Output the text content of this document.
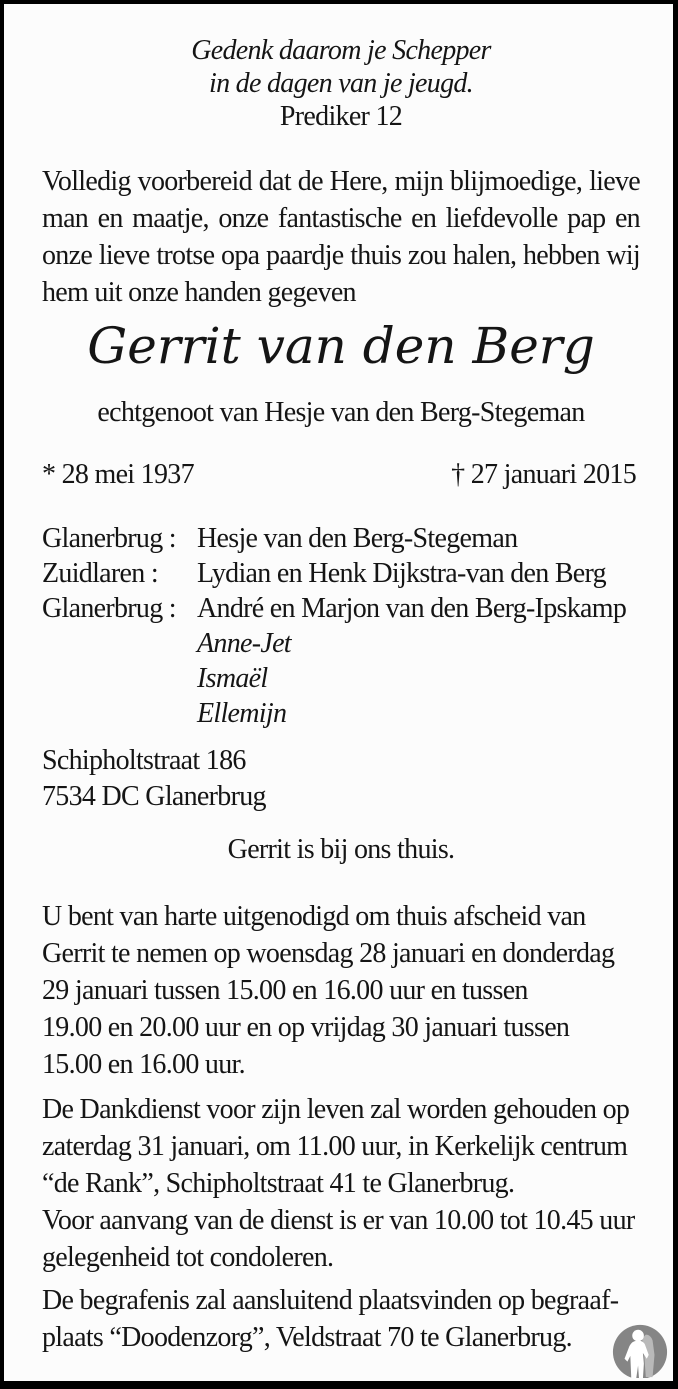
Gedenk daarom je Schepper
in de dagen van je jeugd.
Prediker 12
Volledig voorbereid dat de Here, mijn blijmoedige, lieve
man en maatje, onze fantastische en liefdevolle pap en
onze lieve trotse opa paardje thuis zou halen, hebben wij
hem uit onze handen gegeven
Gerrit van den Berg
echtgenoot van Hesje van den Berg-Stegeman
* 28 mei 1937	† 27 januari 2015
Glanerbrug : Hesje van den Berg-Stegeman
Zuidlaren :	Lydian en Henk Dijkstra-van den Berg
Glanerbrug : André en Marjon van den Berg-Ipskamp
Anne-Jet
Ismaël
Ellemijn
Schipholtstraat 186
7534 DC Glanerbrug
Gerrit is bij ons thuis.
U bent van harte uitgenodigd om thuis afscheid van
Gerrit te nemen op woensdag 28 januari en donderdag
29 januari tussen 15.00 en 16.00 uur en tussen
19.00 en 20.00 uur en op vrijdag 30 januari tussen
15.00 en 16.00 uur.
De Dankdienst voor zijn leven zal worden gehouden op
zaterdag 31 januari, om 11.00 uur, in Kerkelijk centrum
“de Rank”, Schipholtstraat 41 te Glanerbrug.
Voor aanvang van de dienst is er van 10.00 tot 10.45 uur
gelegenheid tot condoleren.
De begrafenis zal aansluitend plaatsvinden op begraaf-
plaats “Doodenzorg”, Veldstraat 70 te Glanerbrug.
